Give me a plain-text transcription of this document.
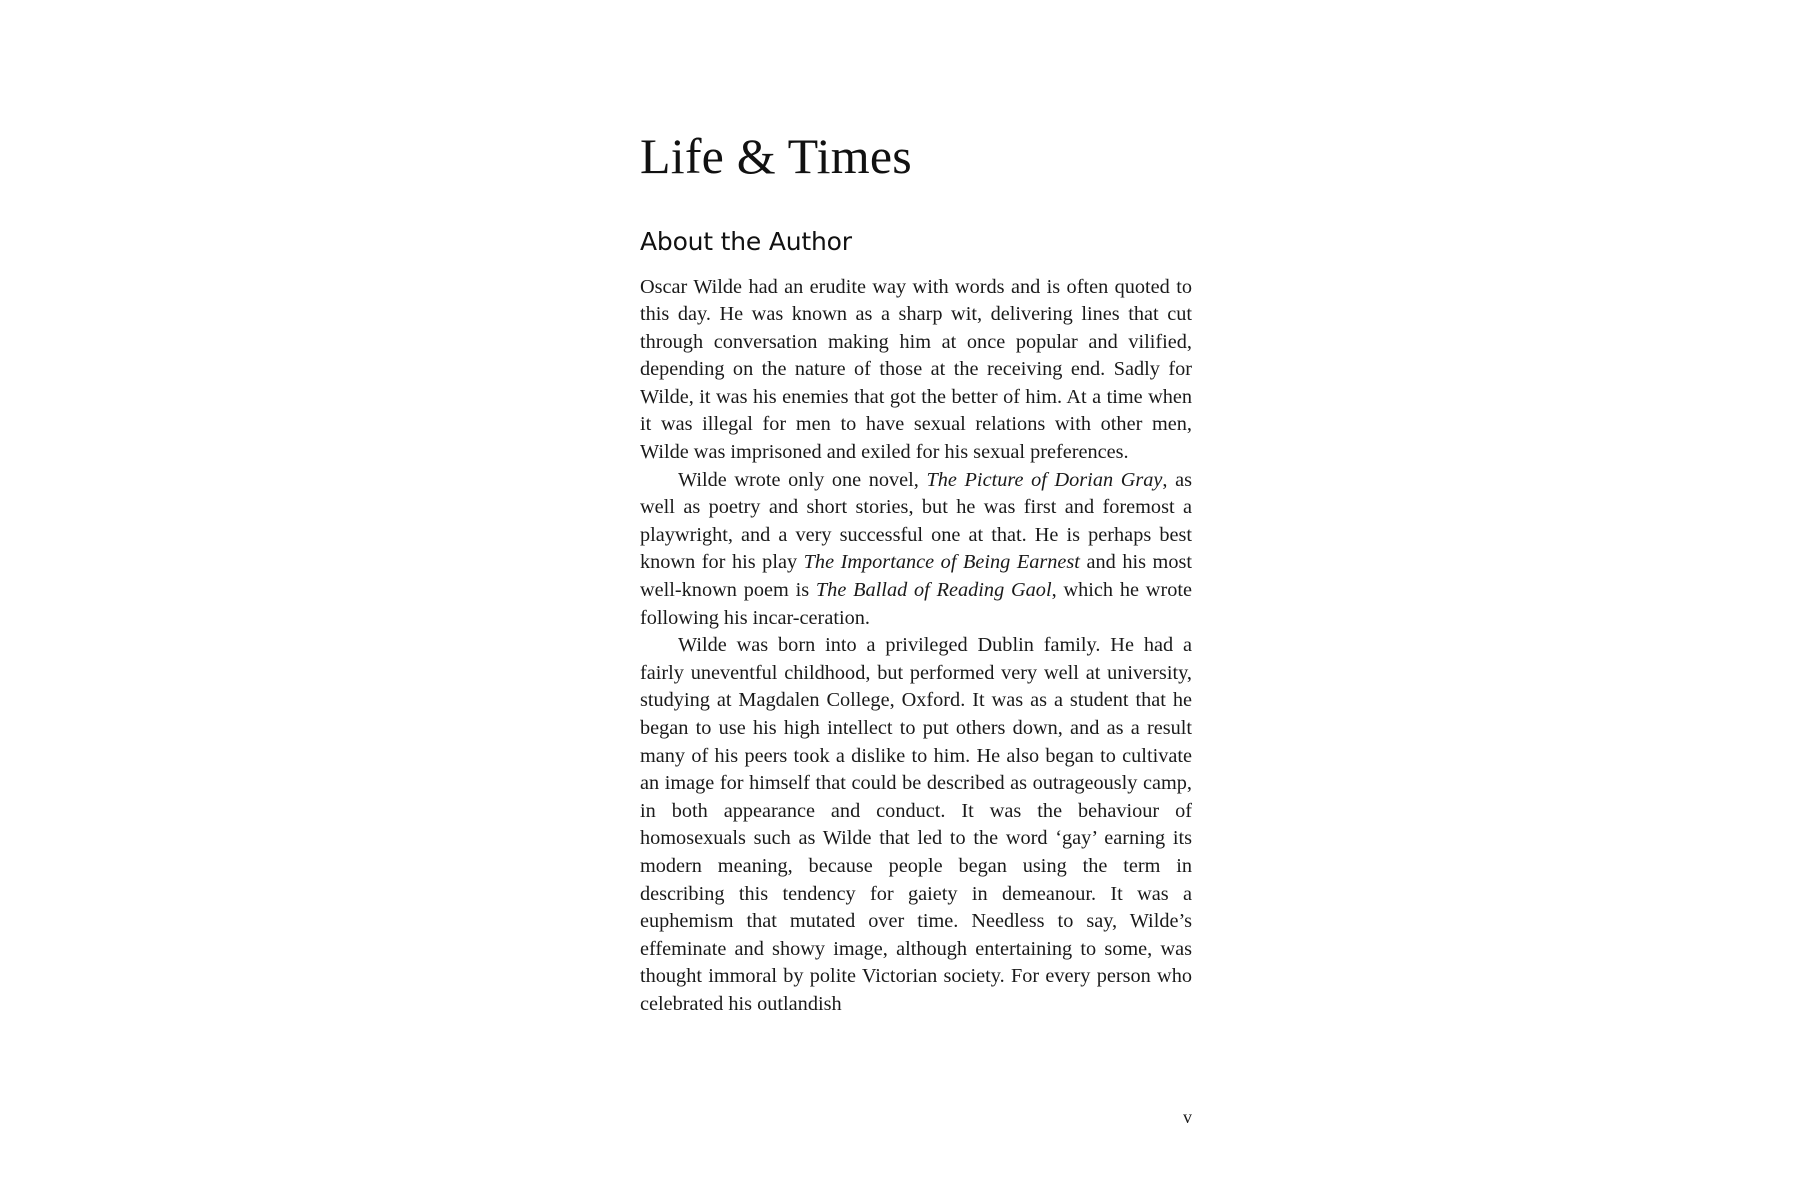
Life & Times
About the Author

Oscar Wilde had an erudite way with words and is often quoted to this day. He was known as a sharp wit, delivering lines that cut through conversation making him at once popular and vilified, depending on the nature of those at the receiving end. Sadly for Wilde, it was his enemies that got the better of him. At a time when it was illegal for men to have sexual relations with other men, Wilde was imprisoned and exiled for his sexual preferences.

Wilde wrote only one novel, The Picture of Dorian Gray, as well as poetry and short stories, but he was first and foremost a playwright, and a very successful one at that. He is perhaps best known for his play The Importance of Being Earnest and his most well-known poem is The Ballad of Reading Gaol, which he wrote following his incar-ceration.

Wilde was born into a privileged Dublin family. He had a fairly uneventful childhood, but performed very well at university, studying at Magdalen College, Oxford. It was as a student that he began to use his high intellect to put others down, and as a result many of his peers took a dislike to him. He also began to cultivate an image for himself that could be described as outrageously camp, in both appearance and conduct. It was the behaviour of homosexuals such as Wilde that led to the word ‘gay’ earning its modern meaning, because people began using the term in describing this tendency for gaiety in demeanour. It was a euphemism that mutated over time. Needless to say, Wilde’s effeminate and showy image, although entertaining to some, was thought immoral by polite Victorian society. For every person who celebrated his outlandish

v
